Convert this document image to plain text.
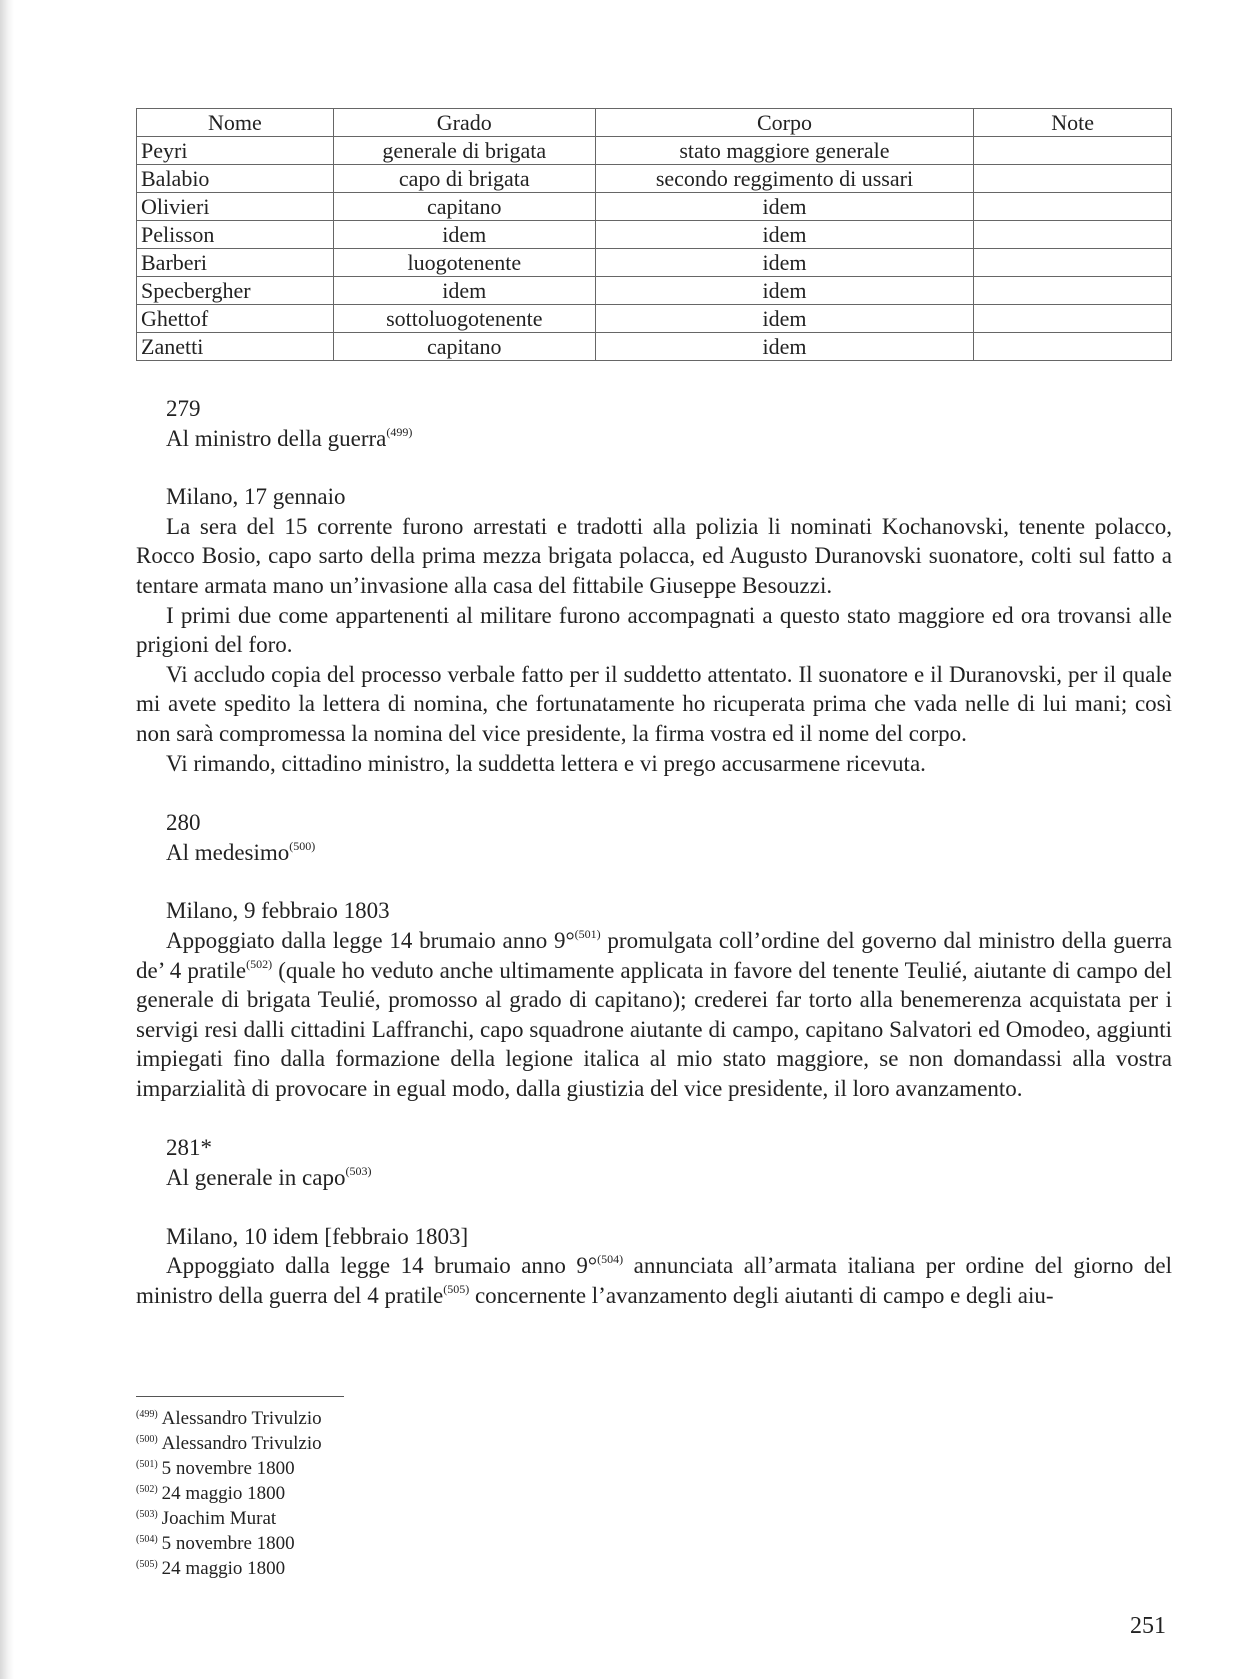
Nome	Grado	Corpo	Note
Peyri	generale di brigata	stato maggiore generale	
Balabio	capo di brigata	secondo reggimento di ussari	
Olivieri	capitano	idem	
Pelisson	idem	idem	
Barberi	luogotenente	idem	
Specbergher	idem	idem	
Ghettof	sottoluogotenente	idem	
Zanetti	capitano	idem	
279
Al ministro della guerra$^{(499)}$
Milano, 17 gennaio

La sera del 15 corrente furono arrestati e tradotti alla polizia li nominati Kochanovski, tenente polacco, Rocco Bosio, capo sarto della prima mezza brigata polacca, ed Augusto Duranovski suonatore, colti sul fatto a tentare armata mano un’invasione alla casa del fittabile Giuseppe Besouzzi.

I primi due come appartenenti al militare furono accompagnati a questo stato maggiore ed ora trovansi alle prigioni del foro.

Vi accludo copia del processo verbale fatto per il suddetto attentato. Il suonatore e il Duranovski, per il quale mi avete spedito la lettera di nomina, che fortunatamente ho ricuperata prima che vada nelle di lui mani; così non sarà compromessa la nomina del vice presidente, la firma vostra ed il nome del corpo.

Vi rimando, cittadino ministro, la suddetta lettera e vi prego accusarmene ricevuta.

280
Al medesimo$^{(500)}$
Milano, 9 febbraio 1803

Appoggiato dalla legge 14 brumaio anno 9°$^{(501)}$ promulgata coll’ordine del governo dal ministro della guerra de’ 4 pratile$^{(502)}$ (quale ho veduto anche ultimamente applicata in favore del tenente Teulié, aiutante di campo del generale di brigata Teulié, promosso al grado di capitano); crederei far torto alla benemerenza acquistata per i servigi resi dalli cittadini Laffranchi, capo squadrone aiutante di campo, capitano Salvatori ed Omodeo, aggiunti impiegati fino dalla formazione della legione italica al mio stato maggiore, se non domandassi alla vostra imparzialità di provocare in egual modo, dalla giustizia del vice presidente, il loro avanzamento.

281*
Al generale in capo$^{(503)}$
Milano, 10 idem [febbraio 1803]

Appoggiato dalla legge 14 brumaio anno 9°$^{(504)}$ annunciata all’armata italiana per ordine del giorno del ministro della guerra del 4 pratile$^{(505)}$ concernente l’avanzamento degli aiutanti di campo e degli aiu-

$^{(499)}$ Alessandro Trivulzio
$^{(500)}$ Alessandro Trivulzio
$^{(501)}$ 5 novembre 1800
$^{(502)}$ 24 maggio 1800
$^{(503)}$ Joachim Murat
$^{(504)}$ 5 novembre 1800
$^{(505)}$ 24 maggio 1800
251
